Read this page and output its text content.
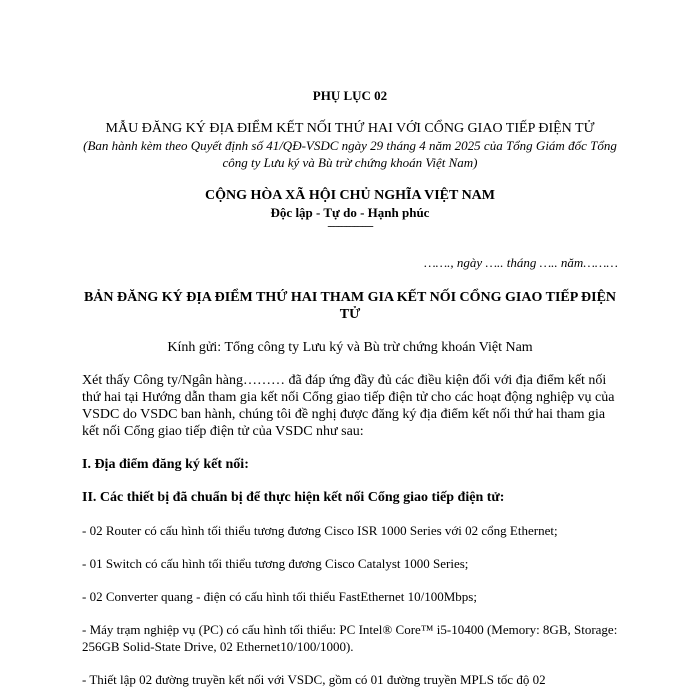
PHỤ LỤC 02

MẪU ĐĂNG KÝ ĐỊA ĐIỂM KẾT NỐI THỨ HAI VỚI CỔNG GIAO TIẾP ĐIỆN TỬ

(Ban hành kèm theo Quyết định số 41/QĐ-VSDC ngày 29 tháng 4 năm 2025 của Tổng Giám đốc Tổng công ty Lưu ký và Bù trừ chứng khoán Việt Nam)

CỘNG HÒA XÃ HỘI CHỦ NGHĨA VIỆT NAM

Độc lập - Tự do - Hạnh phúc

-----------------

……., ngày ….. tháng ….. năm………

BẢN ĐĂNG KÝ ĐỊA ĐIỂM THỨ HAI THAM GIA KẾT NỐI CỔNG GIAO TIẾP ĐIỆN TỬ

Kính gửi: Tổng công ty Lưu ký và Bù trừ chứng khoán Việt Nam

Xét thấy Công ty/Ngân hàng……… đã đáp ứng đầy đủ các điều kiện đối với địa điểm kết nối thứ hai tại Hướng dẫn tham gia kết nối Cổng giao tiếp điện tử cho các hoạt động nghiệp vụ của VSDC do VSDC ban hành, chúng tôi đề nghị được đăng ký địa điểm kết nối thứ hai tham gia kết nối Cổng giao tiếp điện tử của VSDC như sau:

I. Địa điểm đăng ký kết nối:

II. Các thiết bị đã chuẩn bị để thực hiện kết nối Cổng giao tiếp điện tử:

- 02 Router có cấu hình tối thiểu tương đương Cisco ISR 1000 Series với 02 cổng Ethernet;

- 01 Switch có cấu hình tối thiểu tương đương Cisco Catalyst 1000 Series;

- 02 Converter quang - điện có cấu hình tối thiểu FastEthernet 10/100Mbps;

- Máy trạm nghiệp vụ (PC) có cấu hình tối thiểu: PC Intel® Core™ i5-10400 (Memory: 8GB, Storage: 256GB Solid-State Drive, 02 Ethernet10/100/1000).

- Thiết lập 02 đường truyền kết nối với VSDC, gồm có 01 đường truyền MPLS tốc độ 02
